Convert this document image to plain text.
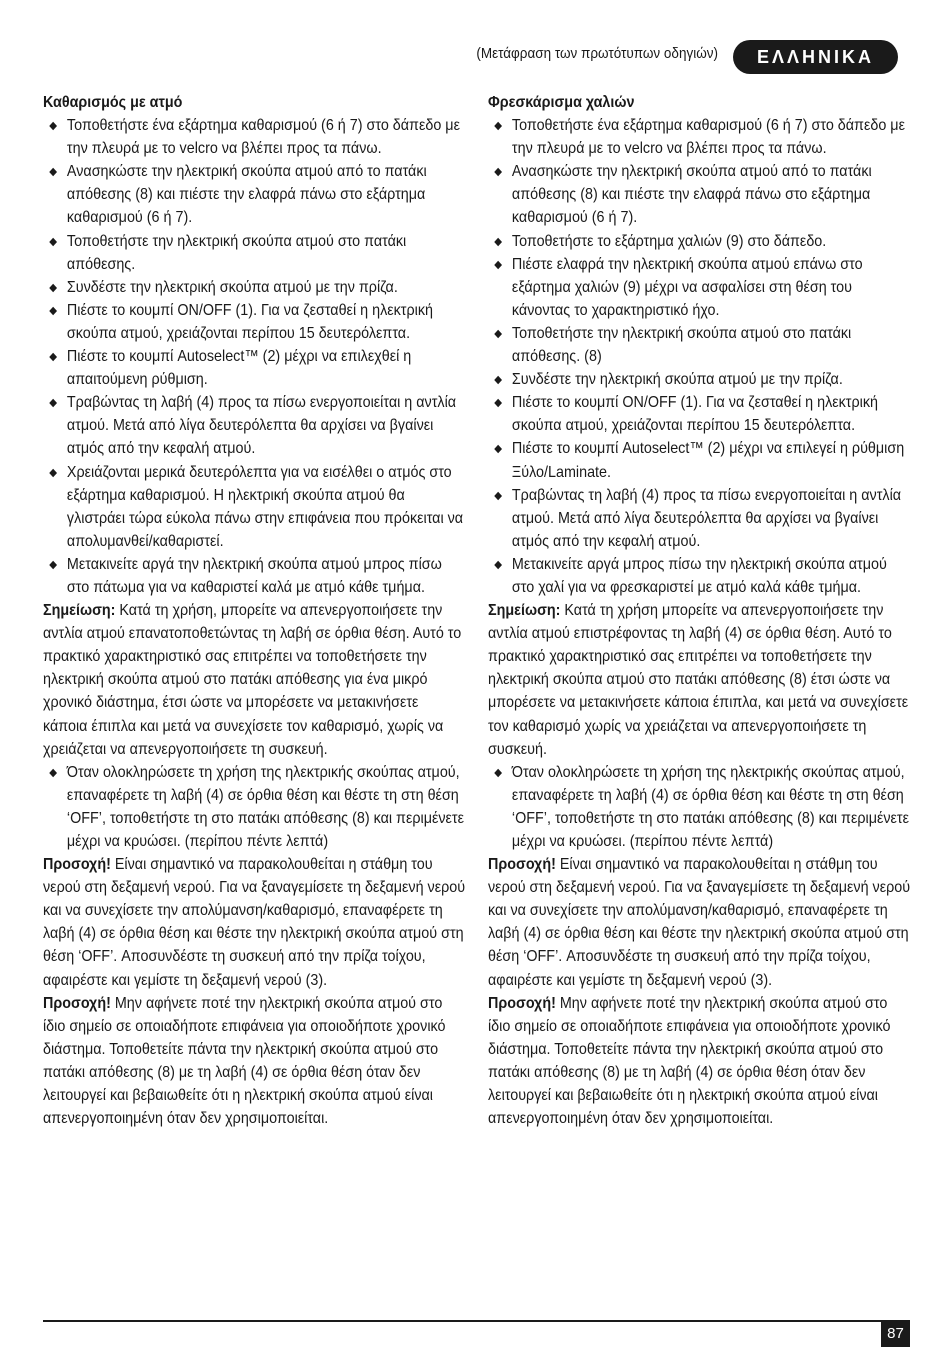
(Μετάφραση των πρωτότυπων οδηγιών)	ΕΛΛΗΝΙΚΑ

Καθαρισμός με ατμό

Τοποθετήστε ένα εξάρτημα καθαρισμού (6 ή 7) στο δάπεδο με την πλευρά με το velcro να βλέπει προς τα πάνω.
Ανασηκώστε την ηλεκτρική σκούπα ατμού από το πατάκι απόθεσης (8) και πιέστε την ελαφρά πάνω στο εξάρτημα καθαρισμού (6 ή 7).
Τοποθετήστε την ηλεκτρική σκούπα ατμού στο πατάκι απόθεσης.
Συνδέστε την ηλεκτρική σκούπα ατμού με την πρίζα.
Πιέστε το κουμπί ON/OFF (1). Για να ζεσταθεί η ηλεκτρική σκούπα ατμού, χρειάζονται περίπου 15 δευτερόλεπτα.
Πιέστε το κουμπί Autoselect™ (2) μέχρι να επιλεχθεί η απαιτούμενη ρύθμιση.
Τραβώντας τη λαβή (4) προς τα πίσω ενεργοποιείται η αντλία ατμού. Μετά από λίγα δευτερόλεπτα θα αρχίσει να βγαίνει ατμός από την κεφαλή ατμού.
Χρειάζονται μερικά δευτερόλεπτα για να εισέλθει ο ατμός στο εξάρτημα καθαρισμού. Η ηλεκτρική σκούπα ατμού θα γλιστράει τώρα εύκολα πάνω στην επιφάνεια που πρόκειται να απολυμανθεί/καθαριστεί.
Μετακινείτε αργά την ηλεκτρική σκούπα ατμού μπρος πίσω στο πάτωμα για να καθαριστεί καλά με ατμό κάθε τμήμα.

Σημείωση: Κατά τη χρήση, μπορείτε να απενεργοποιήσετε την αντλία ατμού επανατοποθετώντας τη λαβή σε όρθια θέση. Αυτό το πρακτικό χαρακτηριστικό σας επιτρέπει να τοποθετήσετε την ηλεκτρική σκούπα ατμού στο πατάκι απόθεσης για ένα μικρό χρονικό διάστημα, έτσι ώστε να μπορέσετε να μετακινήσετε κάποια έπιπλα και μετά να συνεχίσετε τον καθαρισμό, χωρίς να χρειάζεται να απενεργοποιήσετε τη συσκευή.

Όταν ολοκληρώσετε τη χρήση της ηλεκτρικής σκούπας ατμού, επαναφέρετε τη λαβή (4) σε όρθια θέση και θέστε τη στη θέση ‘OFF’, τοποθετήστε τη στο πατάκι απόθεσης (8) και περιμένετε μέχρι να κρυώσει. (περίπου πέντε λεπτά)

Προσοχή! Είναι σημαντικό να παρακολουθείται η στάθμη του νερού στη δεξαμενή νερού. Για να ξαναγεμίσετε τη δεξαμενή νερού και να συνεχίσετε την απολύμανση/καθαρισμό, επαναφέρετε τη λαβή (4) σε όρθια θέση και θέστε την ηλεκτρική σκούπα ατμού στη θέση ‘OFF’. Αποσυνδέστε τη συσκευή από την πρίζα τοίχου, αφαιρέστε και γεμίστε τη δεξαμενή νερού (3).

Προσοχή! Μην αφήνετε ποτέ την ηλεκτρική σκούπα ατμού στο ίδιο σημείο σε οποιαδήποτε επιφάνεια για οποιοδήποτε χρονικό διάστημα. Τοποθετείτε πάντα την ηλεκτρική σκούπα ατμού στο πατάκι απόθεσης (8) με τη λαβή (4) σε όρθια θέση όταν δεν λειτουργεί και βεβαιωθείτε ότι η ηλεκτρική σκούπα ατμού είναι απενεργοποιημένη όταν δεν χρησιμοποιείται.

Φρεσκάρισμα χαλιών

Τοποθετήστε ένα εξάρτημα καθαρισμού (6 ή 7) στο δάπεδο με την πλευρά με το velcro να βλέπει προς τα πάνω.
Ανασηκώστε την ηλεκτρική σκούπα ατμού από το πατάκι απόθεσης (8) και πιέστε την ελαφρά πάνω στο εξάρτημα καθαρισμού (6 ή 7).
Τοποθετήστε το εξάρτημα χαλιών (9) στο δάπεδο.
Πιέστε ελαφρά την ηλεκτρική σκούπα ατμού επάνω στο εξάρτημα χαλιών (9) μέχρι να ασφαλίσει στη θέση του κάνοντας το χαρακτηριστικό ήχο.
Τοποθετήστε την ηλεκτρική σκούπα ατμού στο πατάκι απόθεσης. (8)
Συνδέστε την ηλεκτρική σκούπα ατμού με την πρίζα.
Πιέστε το κουμπί ON/OFF (1). Για να ζεσταθεί η ηλεκτρική σκούπα ατμού, χρειάζονται περίπου 15 δευτερόλεπτα.
Πιέστε το κουμπί Autoselect™ (2) μέχρι να επιλεγεί η ρύθμιση Ξύλο/Laminate.
Τραβώντας τη λαβή (4) προς τα πίσω ενεργοποιείται η αντλία ατμού. Μετά από λίγα δευτερόλεπτα θα αρχίσει να βγαίνει ατμός από την κεφαλή ατμού.
Μετακινείτε αργά μπρος πίσω την ηλεκτρική σκούπα ατμού στο χαλί για να φρεσκαριστεί με ατμό καλά κάθε τμήμα.

Σημείωση: Κατά τη χρήση μπορείτε να απενεργοποιήσετε την αντλία ατμού επιστρέφοντας τη λαβή (4) σε όρθια θέση. Αυτό το πρακτικό χαρακτηριστικό σας επιτρέπει να τοποθετήσετε την ηλεκτρική σκούπα ατμού στο πατάκι απόθεσης (8) έτσι ώστε να μπορέσετε να μετακινήσετε κάποια έπιπλα, και μετά να συνεχίσετε τον καθαρισμό χωρίς να χρειάζεται να απενεργοποιήσετε τη συσκευή.

Όταν ολοκληρώσετε τη χρήση της ηλεκτρικής σκούπας ατμού, επαναφέρετε τη λαβή (4) σε όρθια θέση και θέστε τη στη θέση ‘OFF’, τοποθετήστε τη στο πατάκι απόθεσης (8) και περιμένετε μέχρι να κρυώσει. (περίπου πέντε λεπτά)

Προσοχή! Είναι σημαντικό να παρακολουθείται η στάθμη του νερού στη δεξαμενή νερού. Για να ξαναγεμίσετε τη δεξαμενή νερού και να συνεχίσετε την απολύμανση/καθαρισμό, επαναφέρετε τη λαβή (4) σε όρθια θέση και θέστε την ηλεκτρική σκούπα ατμού στη θέση ‘OFF’. Αποσυνδέστε τη συσκευή από την πρίζα τοίχου, αφαιρέστε και γεμίστε τη δεξαμενή νερού (3).

Προσοχή! Μην αφήνετε ποτέ την ηλεκτρική σκούπα ατμού στο ίδιο σημείο σε οποιαδήποτε επιφάνεια για οποιοδήποτε χρονικό διάστημα. Τοποθετείτε πάντα την ηλεκτρική σκούπα ατμού στο πατάκι απόθεσης (8) με τη λαβή (4) σε όρθια θέση όταν δεν λειτουργεί και βεβαιωθείτε ότι η ηλεκτρική σκούπα ατμού είναι απενεργοποιημένη όταν δεν χρησιμοποιείται.

87
